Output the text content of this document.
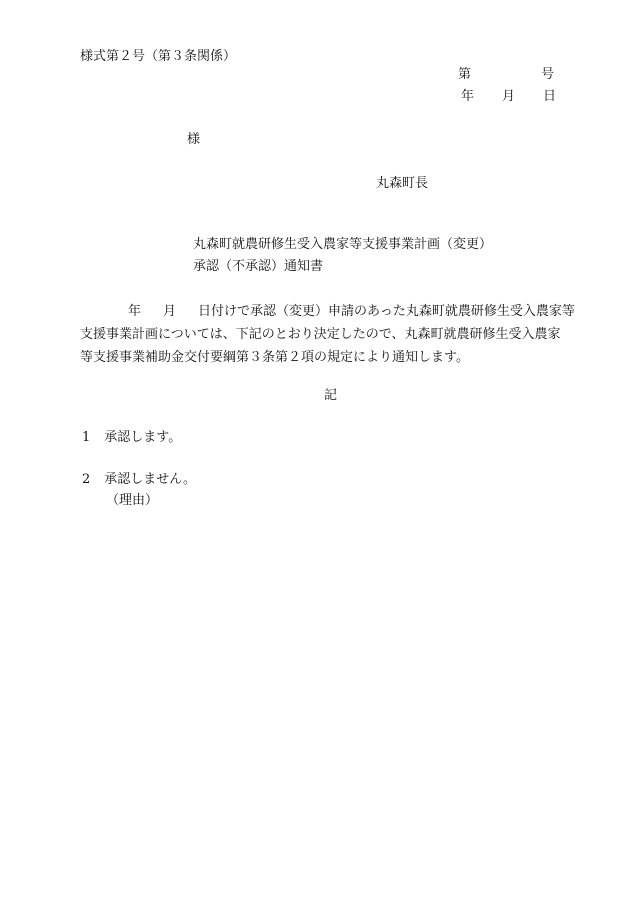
様式第２号（第３条関係）
第	号
年 月 日
様
丸森町長
丸森町就農研修生受入農家等支援事業計画（変更）
承認（不承認）通知書
年 月 日付けで承認（変更）申請のあった丸森町就農研修生受入農家等
支援事業計画については、下記のとおり決定したので、丸森町就農研修生受入農家
等支援事業補助金交付要綱第３条第２項の規定により通知します。
記
1 承認します。
2 承認しません。
（理由）
